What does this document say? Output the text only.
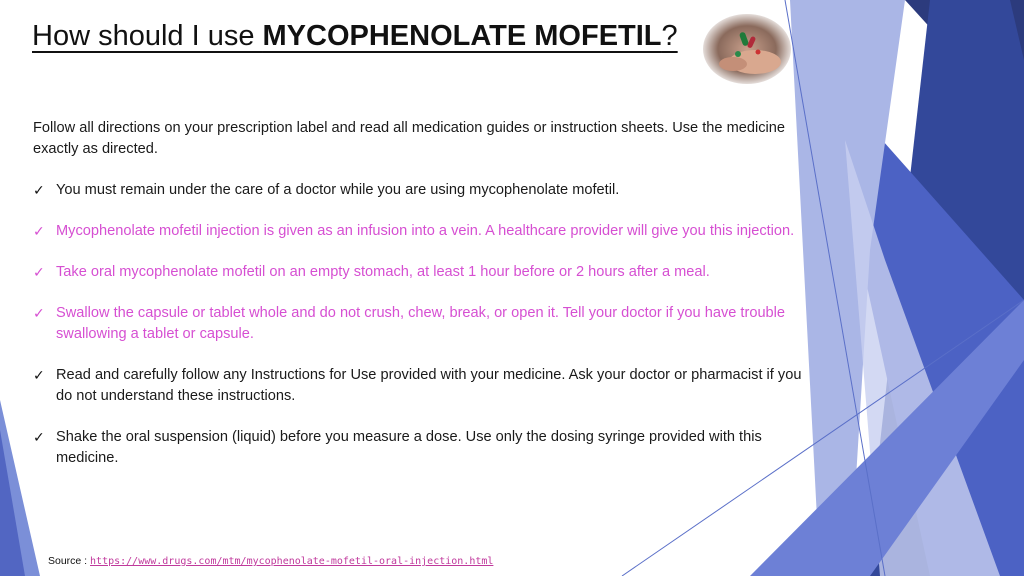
How should I use MYCOPHENOLATE MOFETIL?

Follow all directions on your prescription label and read all medication guides or instruction sheets. Use the medicine exactly as directed.

✓ You must remain under the care of a doctor while you are using mycophenolate mofetil.
✓ Mycophenolate mofetil injection is given as an infusion into a vein. A healthcare provider will give you this injection.
✓ Take oral mycophenolate mofetil on an empty stomach, at least 1 hour before or 2 hours after a meal.
✓ Swallow the capsule or tablet whole and do not crush, chew, break, or open it. Tell your doctor if you have trouble swallowing a tablet or capsule.
✓ Read and carefully follow any Instructions for Use provided with your medicine. Ask your doctor or pharmacist if you do not understand these instructions.
✓ Shake the oral suspension (liquid) before you measure a dose. Use only the dosing syringe provided with this medicine.
Source : https://www.drugs.com/mtm/mycophenolate-mofetil-oral-injection.html
